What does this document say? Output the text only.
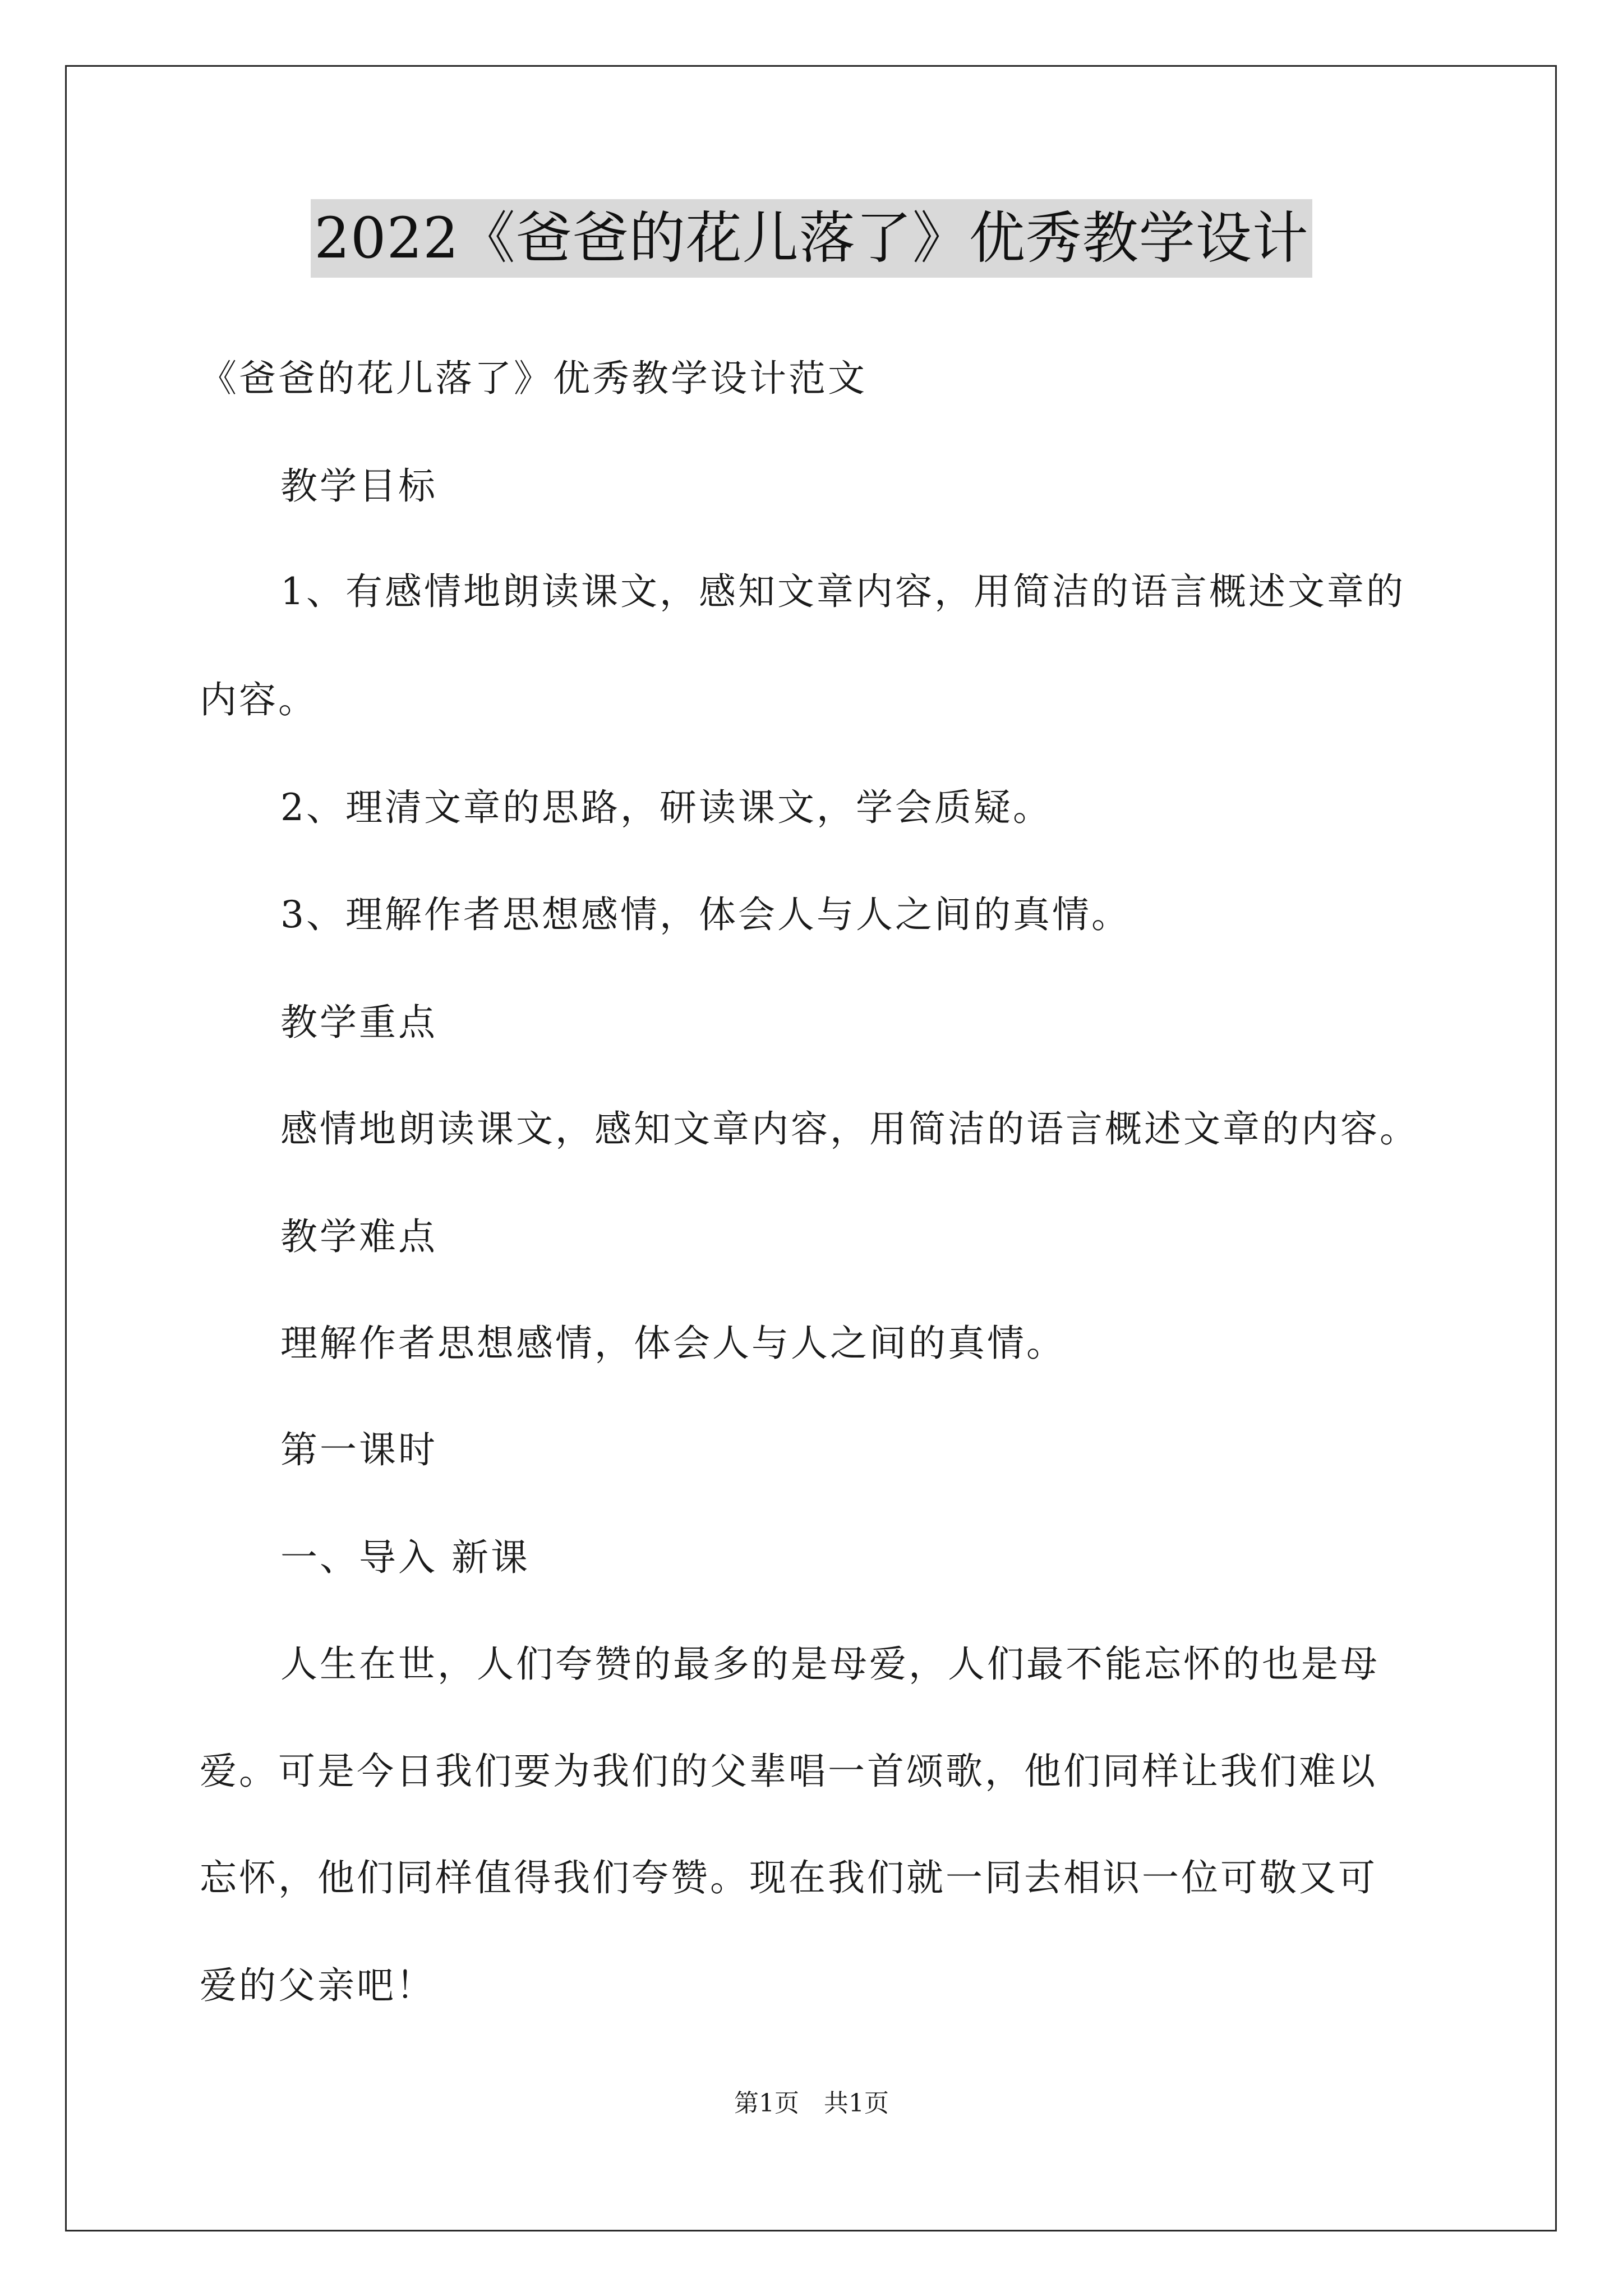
2022《爸爸的花儿落了》优秀教学设计
《爸爸的花儿落了》优秀教学设计范文
教学目标
1、有感情地朗读课文，感知文章内容，用简洁的语言概述文章的
内容。
2、理清文章的思路，研读课文，学会质疑。
3、理解作者思想感情，体会人与人之间的真情。
教学重点
感情地朗读课文，感知文章内容，用简洁的语言概述文章的内容。
教学难点
理解作者思想感情，体会人与人之间的真情。
第一课时
一、导入 新课
人生在世，人们夸赞的最多的是母爱，人们最不能忘怀的也是母
爱。可是今日我们要为我们的父辈唱一首颂歌，他们同样让我们难以
忘怀，他们同样值得我们夸赞。现在我们就一同去相识一位可敬又可
爱的父亲吧！
第1页　共1页
